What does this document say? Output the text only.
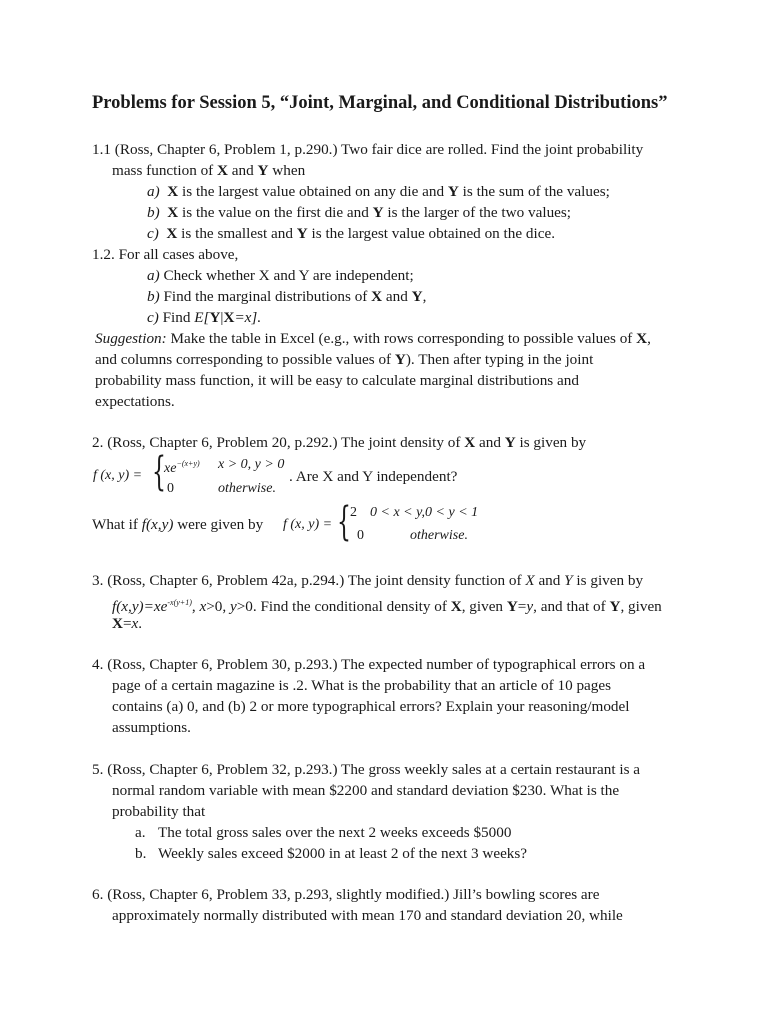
Problems for Session 5, “Joint, Marginal, and Conditional Distributions”
1.1 (Ross, Chapter 6, Problem 1, p.290.) Two fair dice are rolled. Find the joint probability
mass function of X and Y when
a) X is the largest value obtained on any die and Y is the sum of the values;
b) X is the value on the first die and Y is the larger of the two values;
c) X is the smallest and Y is the largest value obtained on the dice.
1.2. For all cases above,
a) Check whether X and Y are independent;
b) Find the marginal distributions of X and Y,
c) Find E[Y|X=x].
Suggestion: Make the table in Excel (e.g., with rows corresponding to possible values of X,
and columns corresponding to possible values of Y). Then after typing in the joint
probability mass function, it will be easy to calculate marginal distributions and
expectations.
2. (Ross, Chapter 6, Problem 20, p.292.) The joint density of X and Y is given by
f (x, y) = {
$xe^{-(x+y)}$ x > 0, y > 0
0	otherwise.
. Are X and Y independent?
What if f(x,y) were given by f (x, y) = { 2 0 < x < y,0 < y < 1
0	otherwise.
3. (Ross, Chapter 6, Problem 42a, p.294.) The joint density function of X and Y is given by
$f(x,y)=xe^{-x(y+1)}$, x>0, y>0. Find the conditional density of X, given Y=y, and that of Y, given
X=x.
4. (Ross, Chapter 6, Problem 30, p.293.) The expected number of typographical errors on a
page of a certain magazine is .2. What is the probability that an article of 10 pages
contains (a) 0, and (b) 2 or more typographical errors? Explain your reasoning/model
assumptions.
5. (Ross, Chapter 6, Problem 32, p.293.) The gross weekly sales at a certain restaurant is a
normal random variable with mean $2200 and standard deviation $230. What is the
probability that
a. The total gross sales over the next 2 weeks exceeds $5000
b. Weekly sales exceed $2000 in at least 2 of the next 3 weeks?
6. (Ross, Chapter 6, Problem 33, p.293, slightly modified.) Jill’s bowling scores are
approximately normally distributed with mean 170 and standard deviation 20, while
